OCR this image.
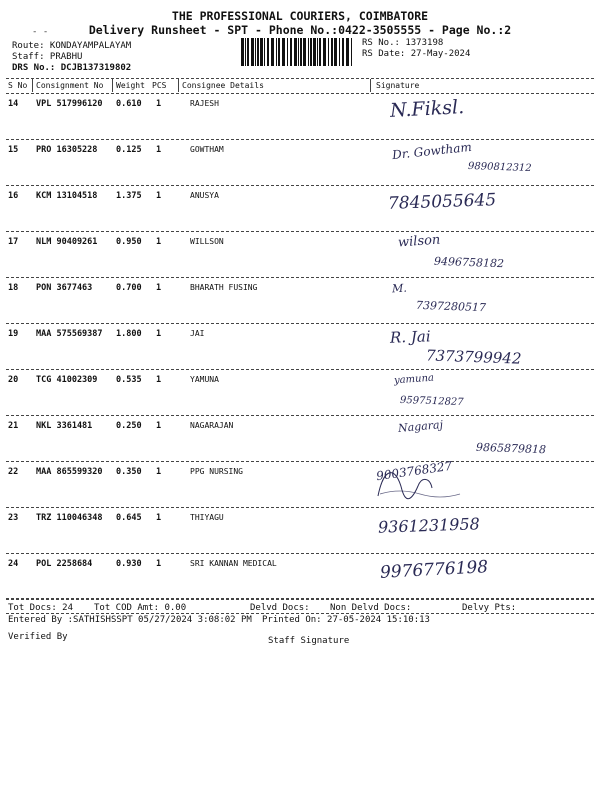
THE PROFESSIONAL COURIERS, COIMBATORE
- -	Delivery Runsheet - SPT - Phone No.:0422-3505555 - Page No.:2
Route: KONDAYAMPALAYAM
Staff: PRABHU
DRS No.: DCJB137319802
RS No.: 1373198
RS Date: 27-May-2024
S No Consignment No Weight PCS Consignee Details	Signature
14 VPL 517996120 0.610 1	RAJESH	N.Fiksl.
15 PRO 16305228 0.125 1	GOWTHAM	Dr. Gowtham
9890812312
16 KCM 13104518 1.375 1	ANUSYA	7845055645
17 NLM 90409261 0.950 1	WILLSON	wilson
9496758182
18 PON 3677463	0.700 1	BHARATH FUSING	M.
7397280517
19 MAA 575569387 1.800 1	JAI	R. Jai
7373799942
20 TCG 41002309 0.535 1	YAMUNA	yamuna
9597512827
21 NKL 3361481	0.250 1	NAGARAJAN	Nagaraj
9865879818
22 MAA 865599320 0.350 1	PPG NURSING	9003768327
23 TRZ 110046348 0.645 1	THIYAGU	9361231958
24 POL 2258684	0.930 1	SRI KANNAN MEDICAL	9976776198
Tot Docs: 24 Tot COD Amt: 0.00	Delvd Docs: Non Delvd Docs:	Delvy Pts:
Entered By :SATHISHSSPT 05/27/2024 3:08:02 PM Printed On: 27-05-2024 15:10:13
Verified By	Staff Signature
